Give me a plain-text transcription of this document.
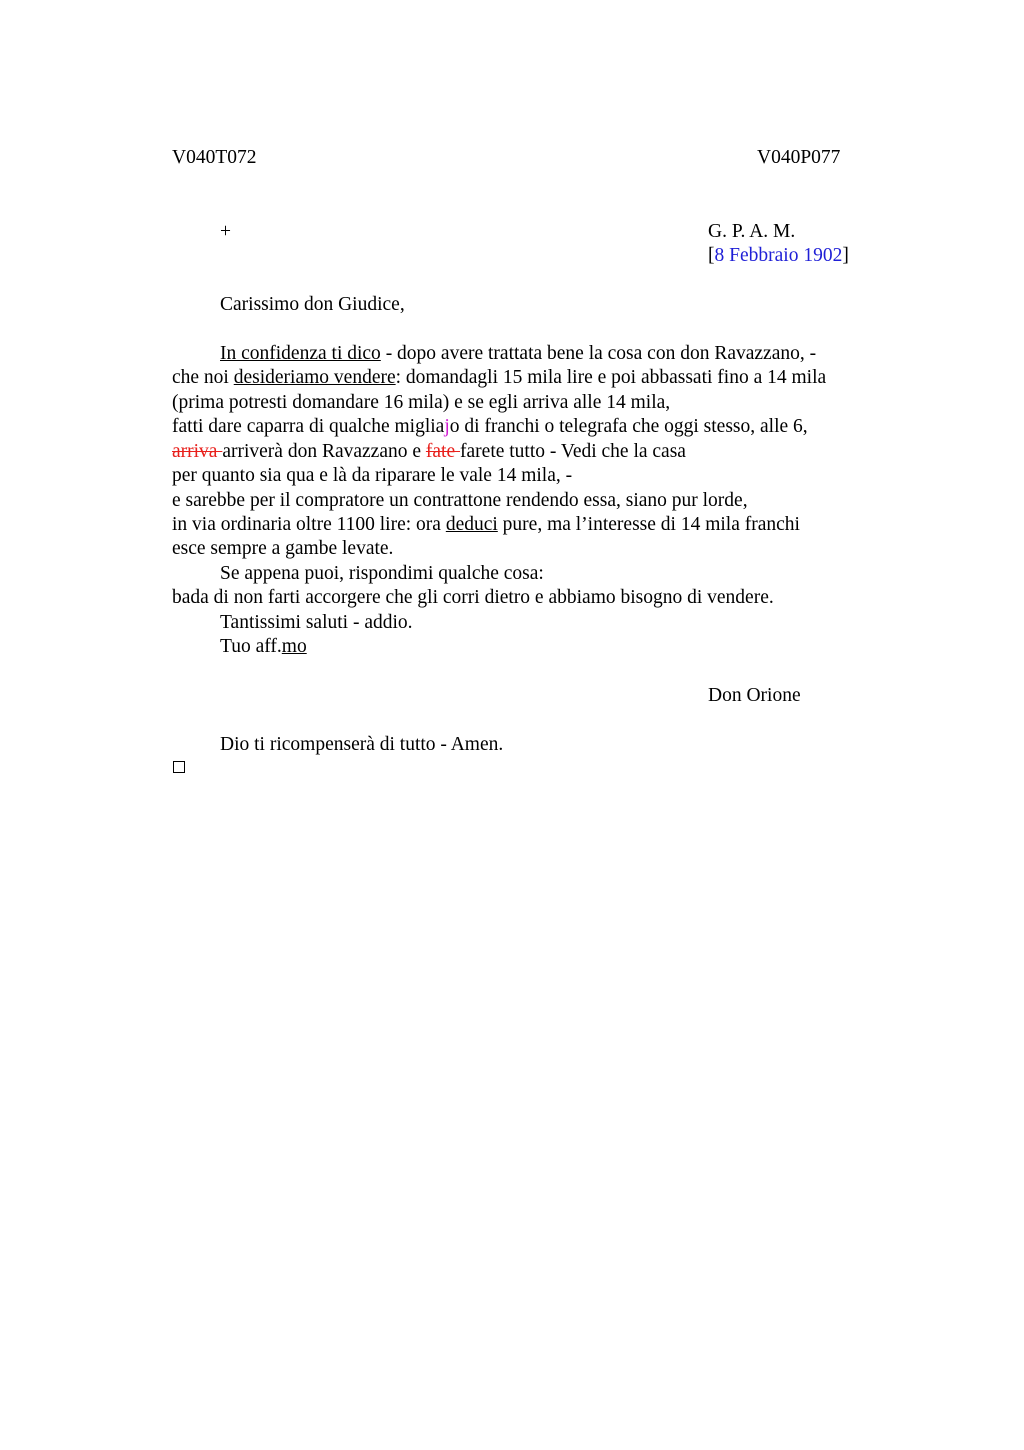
V040T072	V040P077
+	G. P. A. M.
[8 Febbraio 1902]
Carissimo don Giudice,
In confidenza ti dico - dopo avere trattata bene la cosa con don Ravazzano, -
che noi desideriamo vendere: domandagli 15 mila lire e poi abbassati fino a 14 mila
(prima potresti domandare 16 mila) e se egli arriva alle 14 mila,
fatti dare caparra di qualche migliajo di franchi o telegrafa che oggi stesso, alle 6,
arriva arriverà don Ravazzano e fate farete tutto - Vedi che la casa
per quanto sia qua e là da riparare le vale 14 mila, -
e sarebbe per il compratore un contrattone rendendo essa, siano pur lorde,
in via ordinaria oltre 1100 lire: ora deduci pure, ma l’interesse di 14 mila franchi
esce sempre a gambe levate.
Se appena puoi, rispondimi qualche cosa:
bada di non farti accorgere che gli corri dietro e abbiamo bisogno di vendere.
Tantissimi saluti - addio.
Tuo aff.mo
Don Orione
Dio ti ricompenserà di tutto - Amen.
